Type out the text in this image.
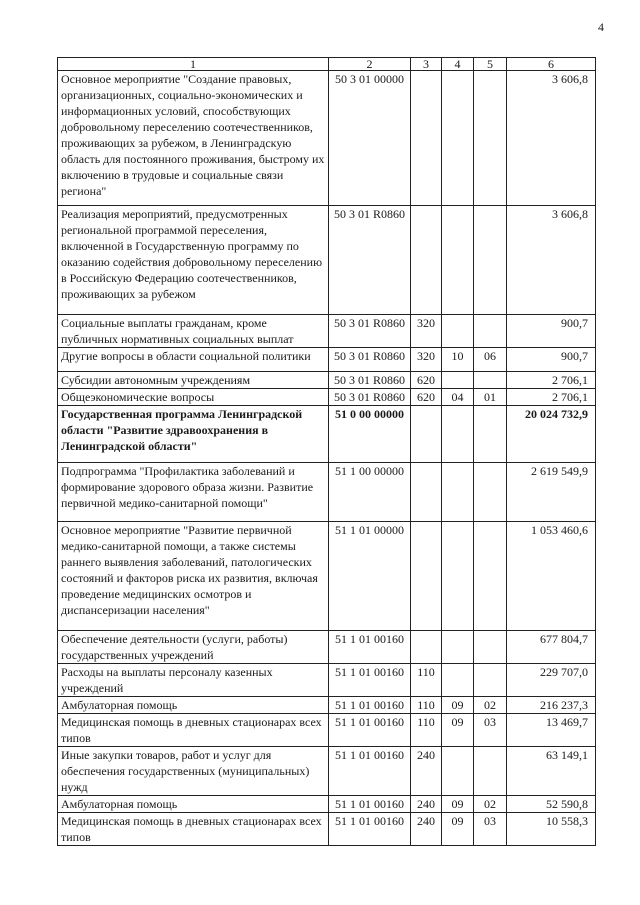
4
1	2	3	4	5	6
Основное мероприятие "Создание правовых, организационных, социально-экономических и информационных условий, способствующих добровольному переселению соотечественников, проживающих за рубежом, в Ленинградскую область для постоянного проживания, быстрому их включению в трудовые и социальные связи региона"	50 3 01 00000				3 606,8
Реализация мероприятий, предусмотренных региональной программой переселения, включенной в Государственную программу по оказанию содействия добровольному переселению в Российскую Федерацию соотечественников, проживающих за рубежом	50 3 01 R0860				3 606,8
Социальные выплаты гражданам, кроме публичных нормативных социальных выплат	50 3 01 R0860	320			900,7
Другие вопросы в области социальной политики	50 3 01 R0860	320	10	06	900,7
Субсидии автономным учреждениям	50 3 01 R0860	620			2 706,1
Общеэкономические вопросы	50 3 01 R0860	620	04	01	2 706,1
Государственная программа Ленинградской области "Развитие здравоохранения в Ленинградской области"	51 0 00 00000				20 024 732,9
Подпрограмма "Профилактика заболеваний и формирование здорового образа жизни. Развитие первичной медико-санитарной помощи"	51 1 00 00000				2 619 549,9
Основное мероприятие "Развитие первичной медико-санитарной помощи, а также системы раннего выявления заболеваний, патологических состояний и факторов риска их развития, включая проведение медицинских осмотров и диспансеризации населения"	51 1 01 00000				1 053 460,6
Обеспечение деятельности (услуги, работы) государственных учреждений	51 1 01 00160				677 804,7
Расходы на выплаты персоналу казенных учреждений	51 1 01 00160	110			229 707,0
Амбулаторная помощь	51 1 01 00160	110	09	02	216 237,3
Медицинская помощь в дневных стационарах всех типов	51 1 01 00160	110	09	03	13 469,7
Иные закупки товаров, работ и услуг для обеспечения государственных (муниципальных) нужд	51 1 01 00160	240			63 149,1
Амбулаторная помощь	51 1 01 00160	240	09	02	52 590,8
Медицинская помощь в дневных стационарах всех типов	51 1 01 00160	240	09	03	10 558,3
